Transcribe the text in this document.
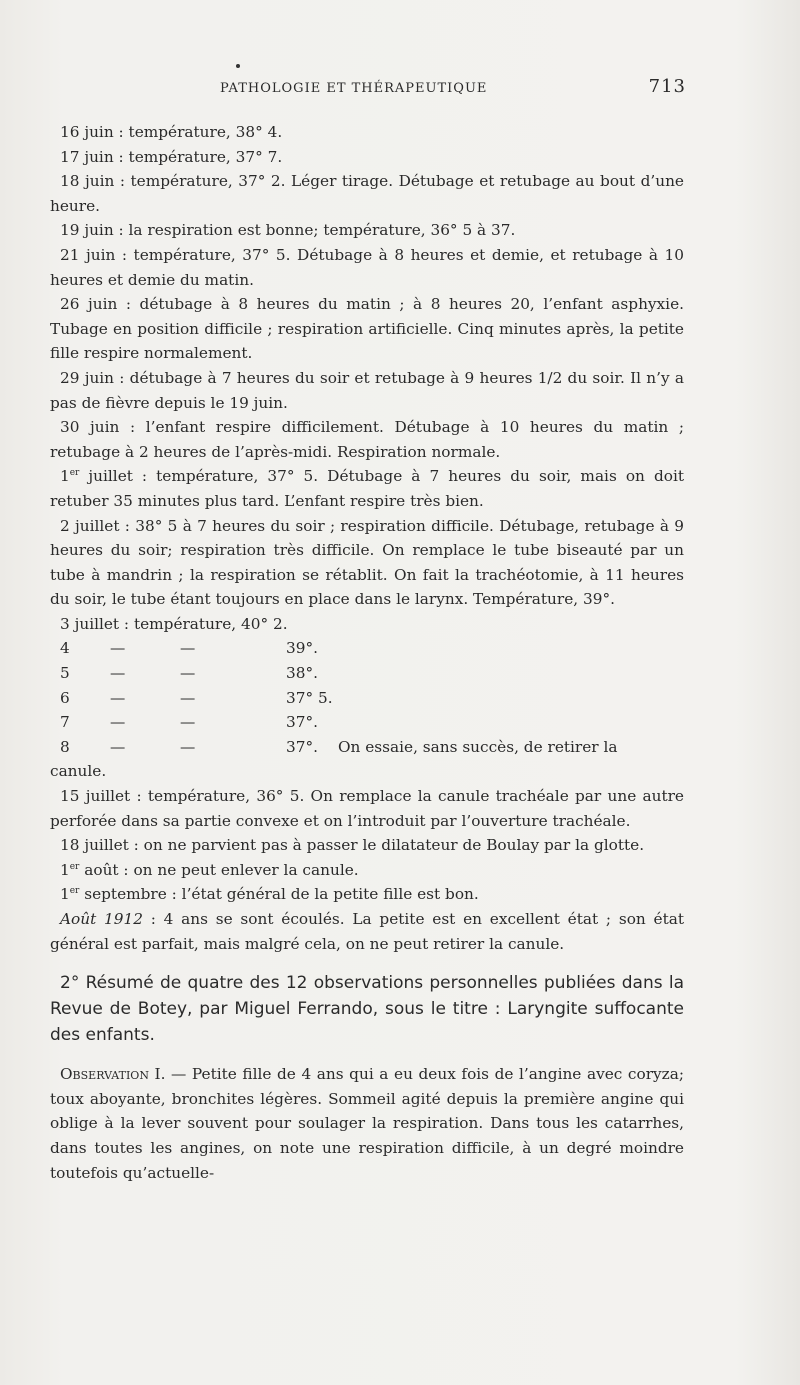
PATHOLOGIE ET THÉRAPEUTIQUE	713

16 juin : température, 38° 4.

17 juin : température, 37° 7.

18 juin : température, 37° 2. Léger tirage. Détubage et retubage au bout d’une heure.

19 juin : la respiration est bonne; température, 36° 5 à 37.

21 juin : température, 37° 5. Détubage à 8 heures et demie, et retubage à 10 heures et demie du matin.

26 juin : détubage à 8 heures du matin ; à 8 heures 20, l’enfant asphyxie. Tubage en position difficile ; respiration artificielle. Cinq minutes après, la petite fille respire normalement.

29 juin : détubage à 7 heures du soir et retubage à 9 heures 1/2 du soir. Il n’y a pas de fièvre depuis le 19 juin.

30 juin : l’enfant respire difficilement. Détubage à 10 heures du matin ; retubage à 2 heures de l’après-midi. Respiration normale.

1er juillet : température, 37° 5. Détubage à 7 heures du soir, mais on doit retuber 35 minutes plus tard. L’enfant respire très bien.

2 juillet : 38° 5 à 7 heures du soir ; respiration difficile. Détubage, retubage à 9 heures du soir; respiration très difficile. On remplace le tube biseauté par un tube à mandrin ; la respiration se rétablit. On fait la trachéotomie, à 11 heures du soir, le tube étant toujours en place dans le larynx. Température, 39°.

3 juillet : température, 40° 2.

4	—	—	39°.	
5	—	—	38°.	
6	—	—	37° 5.	
7	—	—	37°.	
8	—	—	37°.	On essaie, sans succès, de retirer la

canule.

15 juillet : température, 36° 5. On remplace la canule trachéale par une autre perforée dans sa partie convexe et on l’introduit par l’ouverture trachéale.

18 juillet : on ne parvient pas à passer le dilatateur de Boulay par la glotte.

1er août : on ne peut enlever la canule.

1er septembre : l’état général de la petite fille est bon.

Août 1912 : 4 ans se sont écoulés. La petite est en excellent état ; son état général est parfait, mais malgré cela, on ne peut retirer la canule.

2° Résumé de quatre des 12 observations personnelles publiées dans la Revue de Botey, par Miguel Ferrando, sous le titre : Laryngite suffocante des enfants.

Observation I. — Petite fille de 4 ans qui a eu deux fois de l’angine avec coryza; toux aboyante, bronchites légères. Sommeil agité depuis la première angine qui oblige à la lever souvent pour soulager la respiration. Dans tous les catarrhes, dans toutes les angines, on note une respiration difficile, à un degré moindre toutefois qu’actuelle-
